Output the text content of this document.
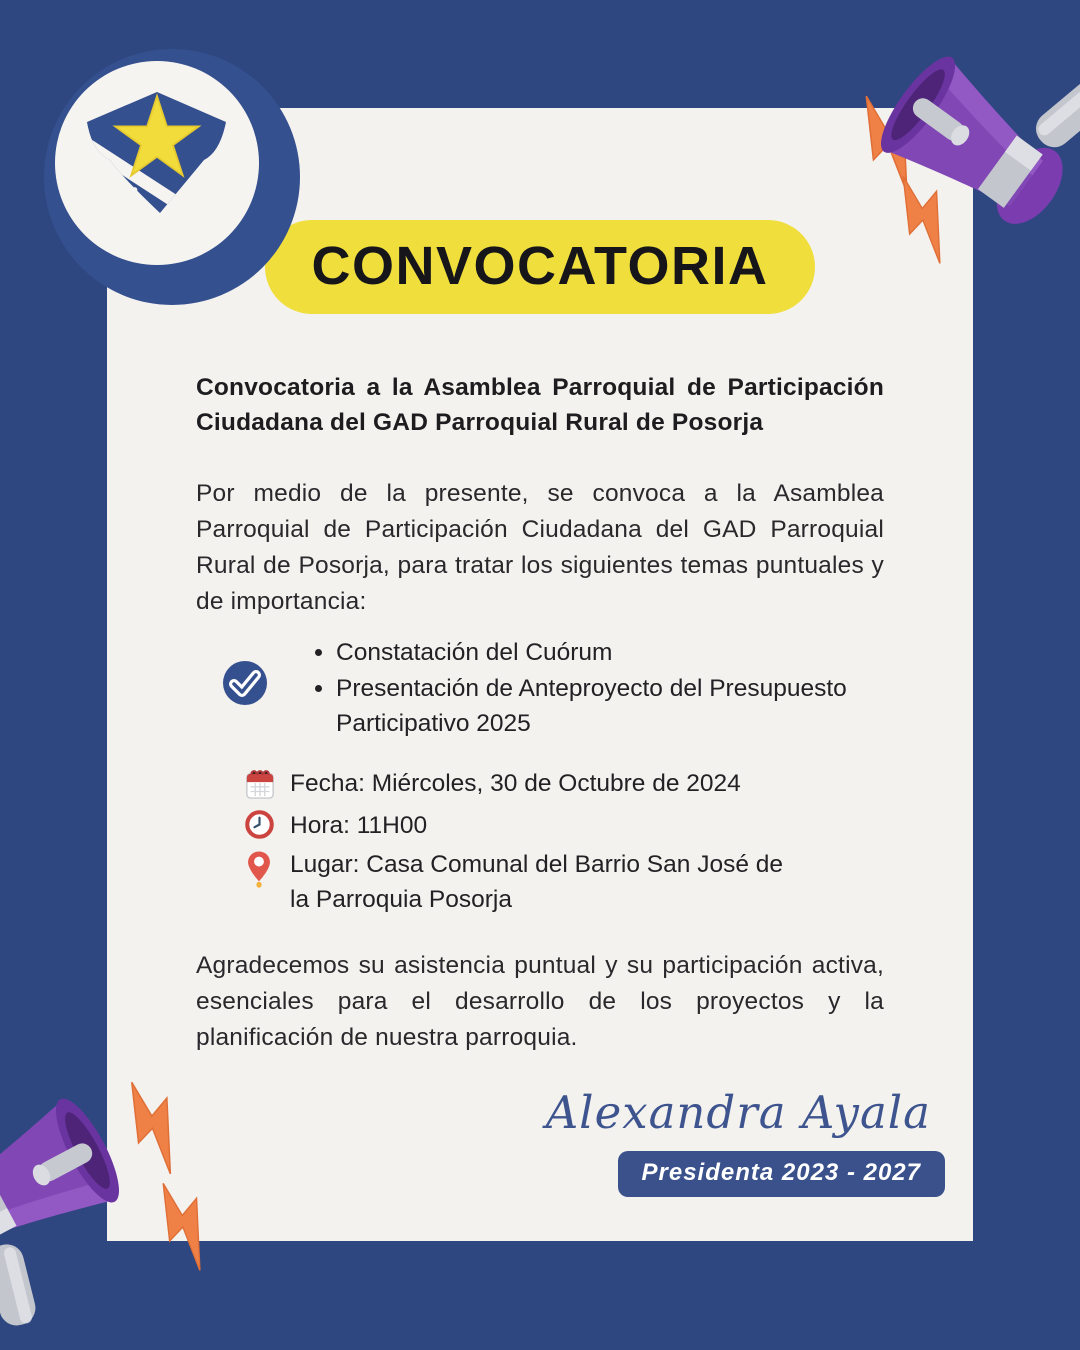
CONVOCATORIA

Convocatoria a la Asamblea Parroquial de Participación Ciudadana del GAD Parroquial Rural de Posorja

Por medio de la presente, se convoca a la Asamblea Parroquial de Participación Ciudadana del GAD Parroquial Rural de Posorja, para tratar los siguientes temas puntuales y de importancia:

• Constatación del Cuórum
• Presentación de Anteproyecto del Presupuesto Participativo 2025
Fecha: Miércoles, 30 de Octubre de 2024
Hora: 11H00
Lugar: Casa Comunal del Barrio San José de la Parroquia Posorja

Agradecemos su asistencia puntual y su participación activa, esenciales para el desarrollo de los proyectos y la planificación de nuestra parroquia.

Alexandra Ayala
Presidenta 2023 - 2027
